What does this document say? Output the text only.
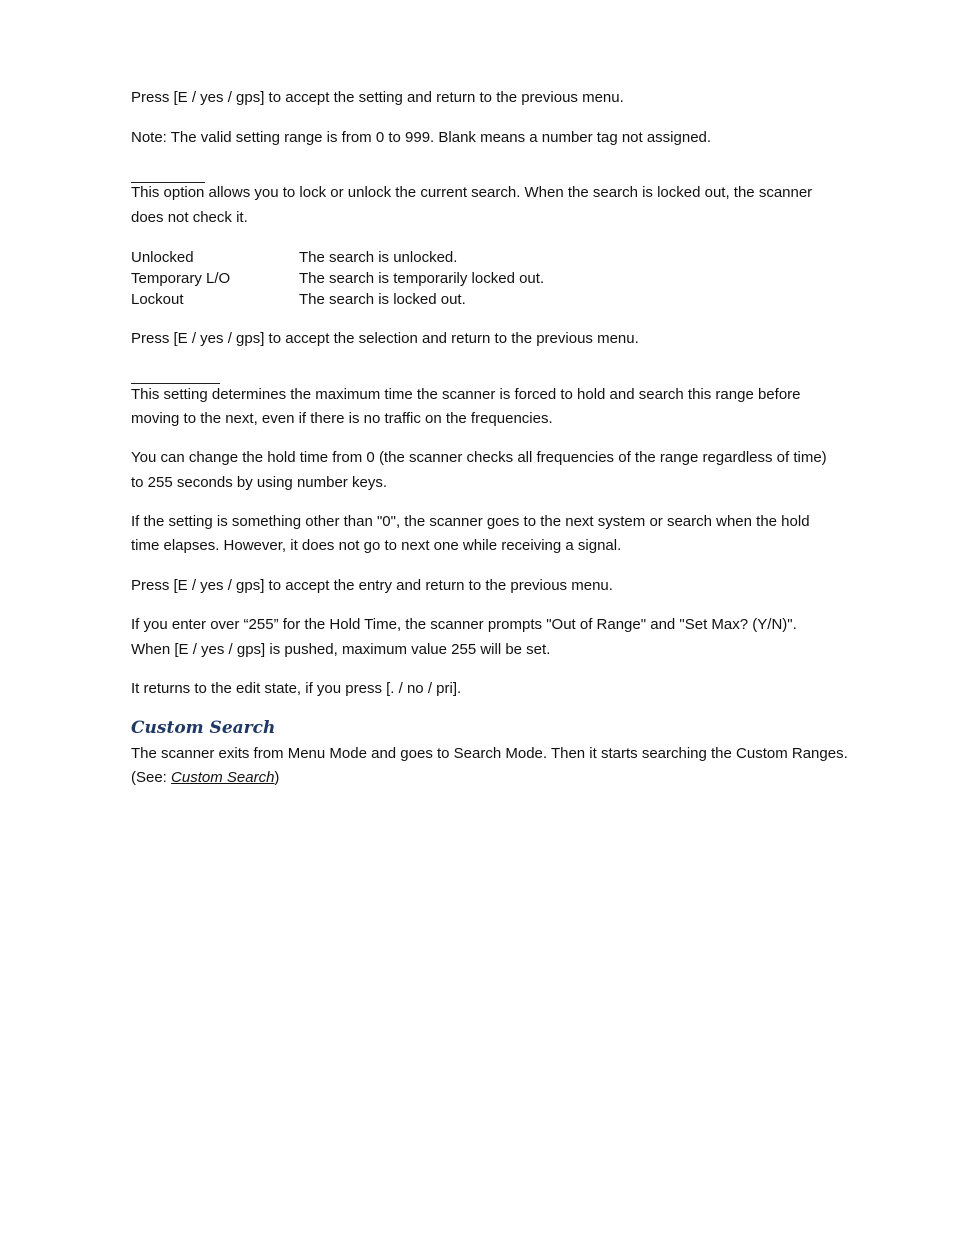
Press [E / yes / gps] to accept the setting and return to the previous menu.
Note: The valid setting range is from 0 to 999. Blank means a number tag not assigned.
This option allows you to lock or unlock the current search. When the search is locked out, the scanner
does not check it.
Unlocked	The search is unlocked.
Temporary L/O	The search is temporarily locked out.
Lockout	The search is locked out.
Press [E / yes / gps] to accept the selection and return to the previous menu.
This setting determines the maximum time the scanner is forced to hold and search this range before
moving to the next, even if there is no traffic on the frequencies.
You can change the hold time from 0 (the scanner checks all frequencies of the range regardless of time)
to 255 seconds by using number keys.
If the setting is something other than "0", the scanner goes to the next system or search when the hold
time elapses. However, it does not go to next one while receiving a signal.
Press [E / yes / gps] to accept the entry and return to the previous menu.
If you enter over “255” for the Hold Time, the scanner prompts "Out of Range" and "Set Max? (Y/N)".
When [E / yes / gps] is pushed, maximum value 255 will be set.
It returns to the edit state, if you press [. / no / pri].
Custom Search
The scanner exits from Menu Mode and goes to Search Mode. Then it starts searching the Custom Ranges.
(See: Custom Search)
